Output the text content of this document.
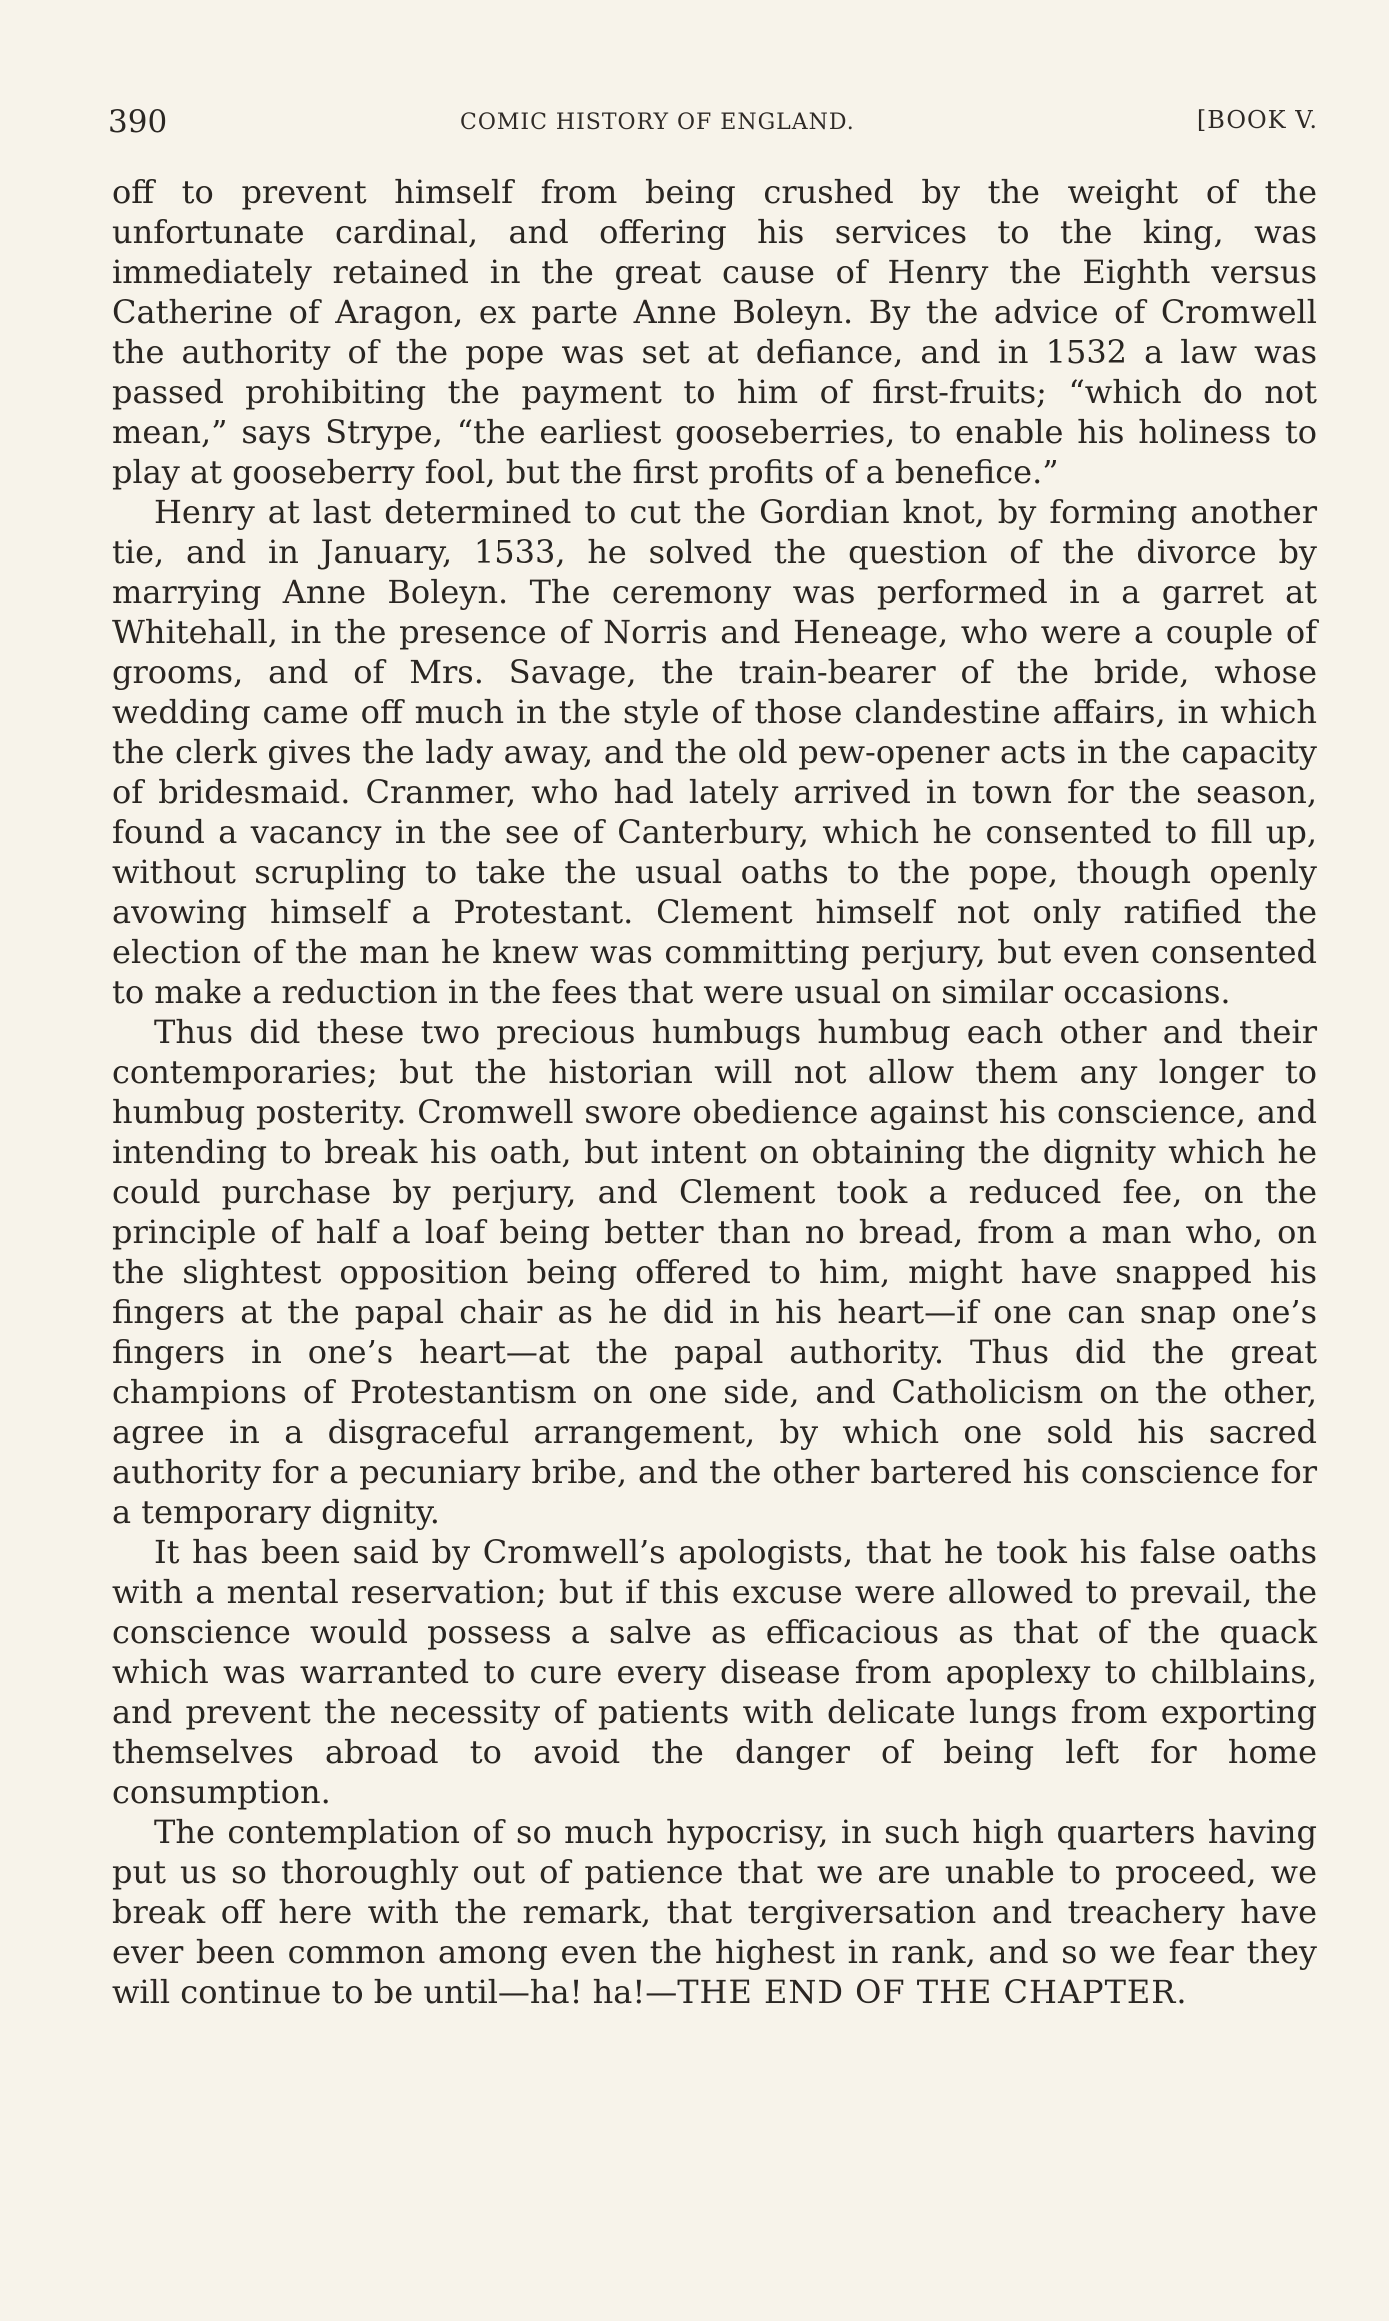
390	COMIC HISTORY OF ENGLAND.	[BOOK V.

off to prevent himself from being crushed by the weight of the unfortunate cardinal, and offering his services to the king, was immediately retained in the great cause of Henry the Eighth versus Catherine of Aragon, ex parte Anne Boleyn. By the advice of Cromwell the authority of the pope was set at defiance, and in 1532 a law was passed prohibiting the payment to him of first-fruits; “which do not mean,” says Strype, “the earliest gooseberries, to enable his holiness to play at gooseberry fool, but the first profits of a benefice.”

Henry at last determined to cut the Gordian knot, by forming another tie, and in January, 1533, he solved the question of the divorce by marrying Anne Boleyn. The ceremony was performed in a garret at Whitehall, in the presence of Norris and Heneage, who were a couple of grooms, and of Mrs. Savage, the train-bearer of the bride, whose wedding came off much in the style of those clandestine affairs, in which the clerk gives the lady away, and the old pew-opener acts in the capacity of bridesmaid. Cranmer, who had lately arrived in town for the season, found a vacancy in the see of Canterbury, which he consented to fill up, without scrupling to take the usual oaths to the pope, though openly avowing himself a Protestant. Clement himself not only ratified the election of the man he knew was committing perjury, but even consented to make a reduction in the fees that were usual on similar occasions.

Thus did these two precious humbugs humbug each other and their contemporaries; but the historian will not allow them any longer to humbug posterity. Cromwell swore obedience against his conscience, and intending to break his oath, but intent on obtaining the dignity which he could purchase by perjury, and Clement took a reduced fee, on the principle of half a loaf being better than no bread, from a man who, on the slightest opposition being offered to him, might have snapped his fingers at the papal chair as he did in his heart—if one can snap one’s fingers in one’s heart—at the papal authority. Thus did the great champions of Protestantism on one side, and Catholicism on the other, agree in a disgraceful arrangement, by which one sold his sacred authority for a pecuniary bribe, and the other bartered his conscience for a temporary dignity.

It has been said by Cromwell’s apologists, that he took his false oaths with a mental reservation; but if this excuse were allowed to prevail, the conscience would possess a salve as efficacious as that of the quack which was warranted to cure every disease from apoplexy to chilblains, and prevent the necessity of patients with delicate lungs from exporting themselves abroad to avoid the danger of being left for home consumption.

The contemplation of so much hypocrisy, in such high quarters having put us so thoroughly out of patience that we are unable to proceed, we break off here with the remark, that tergiversation and treachery have ever been common among even the highest in rank, and so we fear they will continue to be until—ha! ha!—THE END OF THE CHAPTER.
